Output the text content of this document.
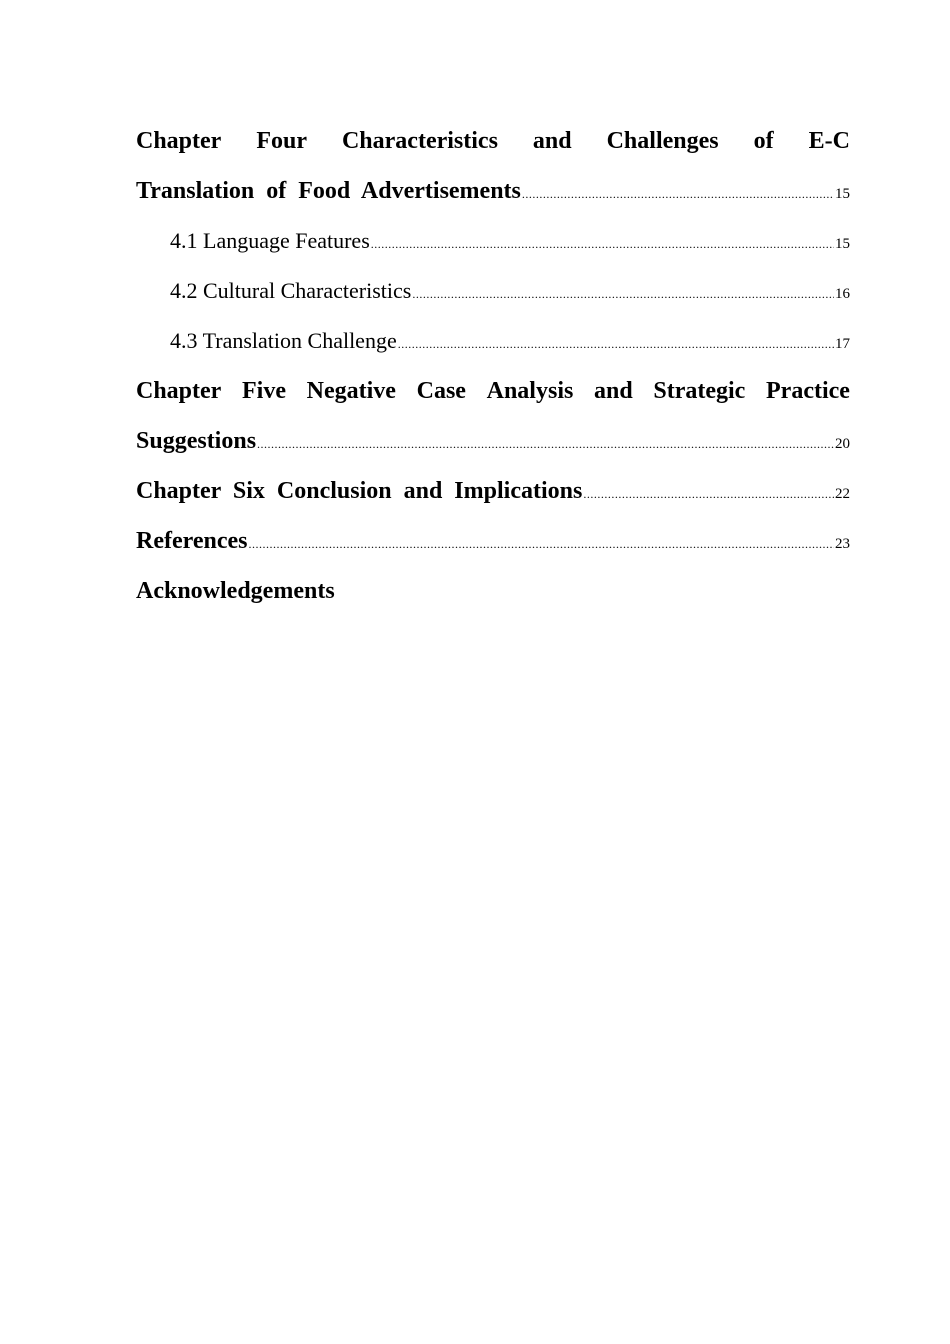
Chapter Four Characteristics and Challenges of E-C
Translation  of  Food  Advertisements .....	15
4.1 Language Features .....	15
4.2 Cultural Characteristics .....	16
4.3 Translation Challenge .....	17
Chapter Five Negative Case Analysis and Strategic Practice
Suggestions .....	20
Chapter  Six  Conclusion  and  Implications .....	22
References .....	23
Acknowledgements
